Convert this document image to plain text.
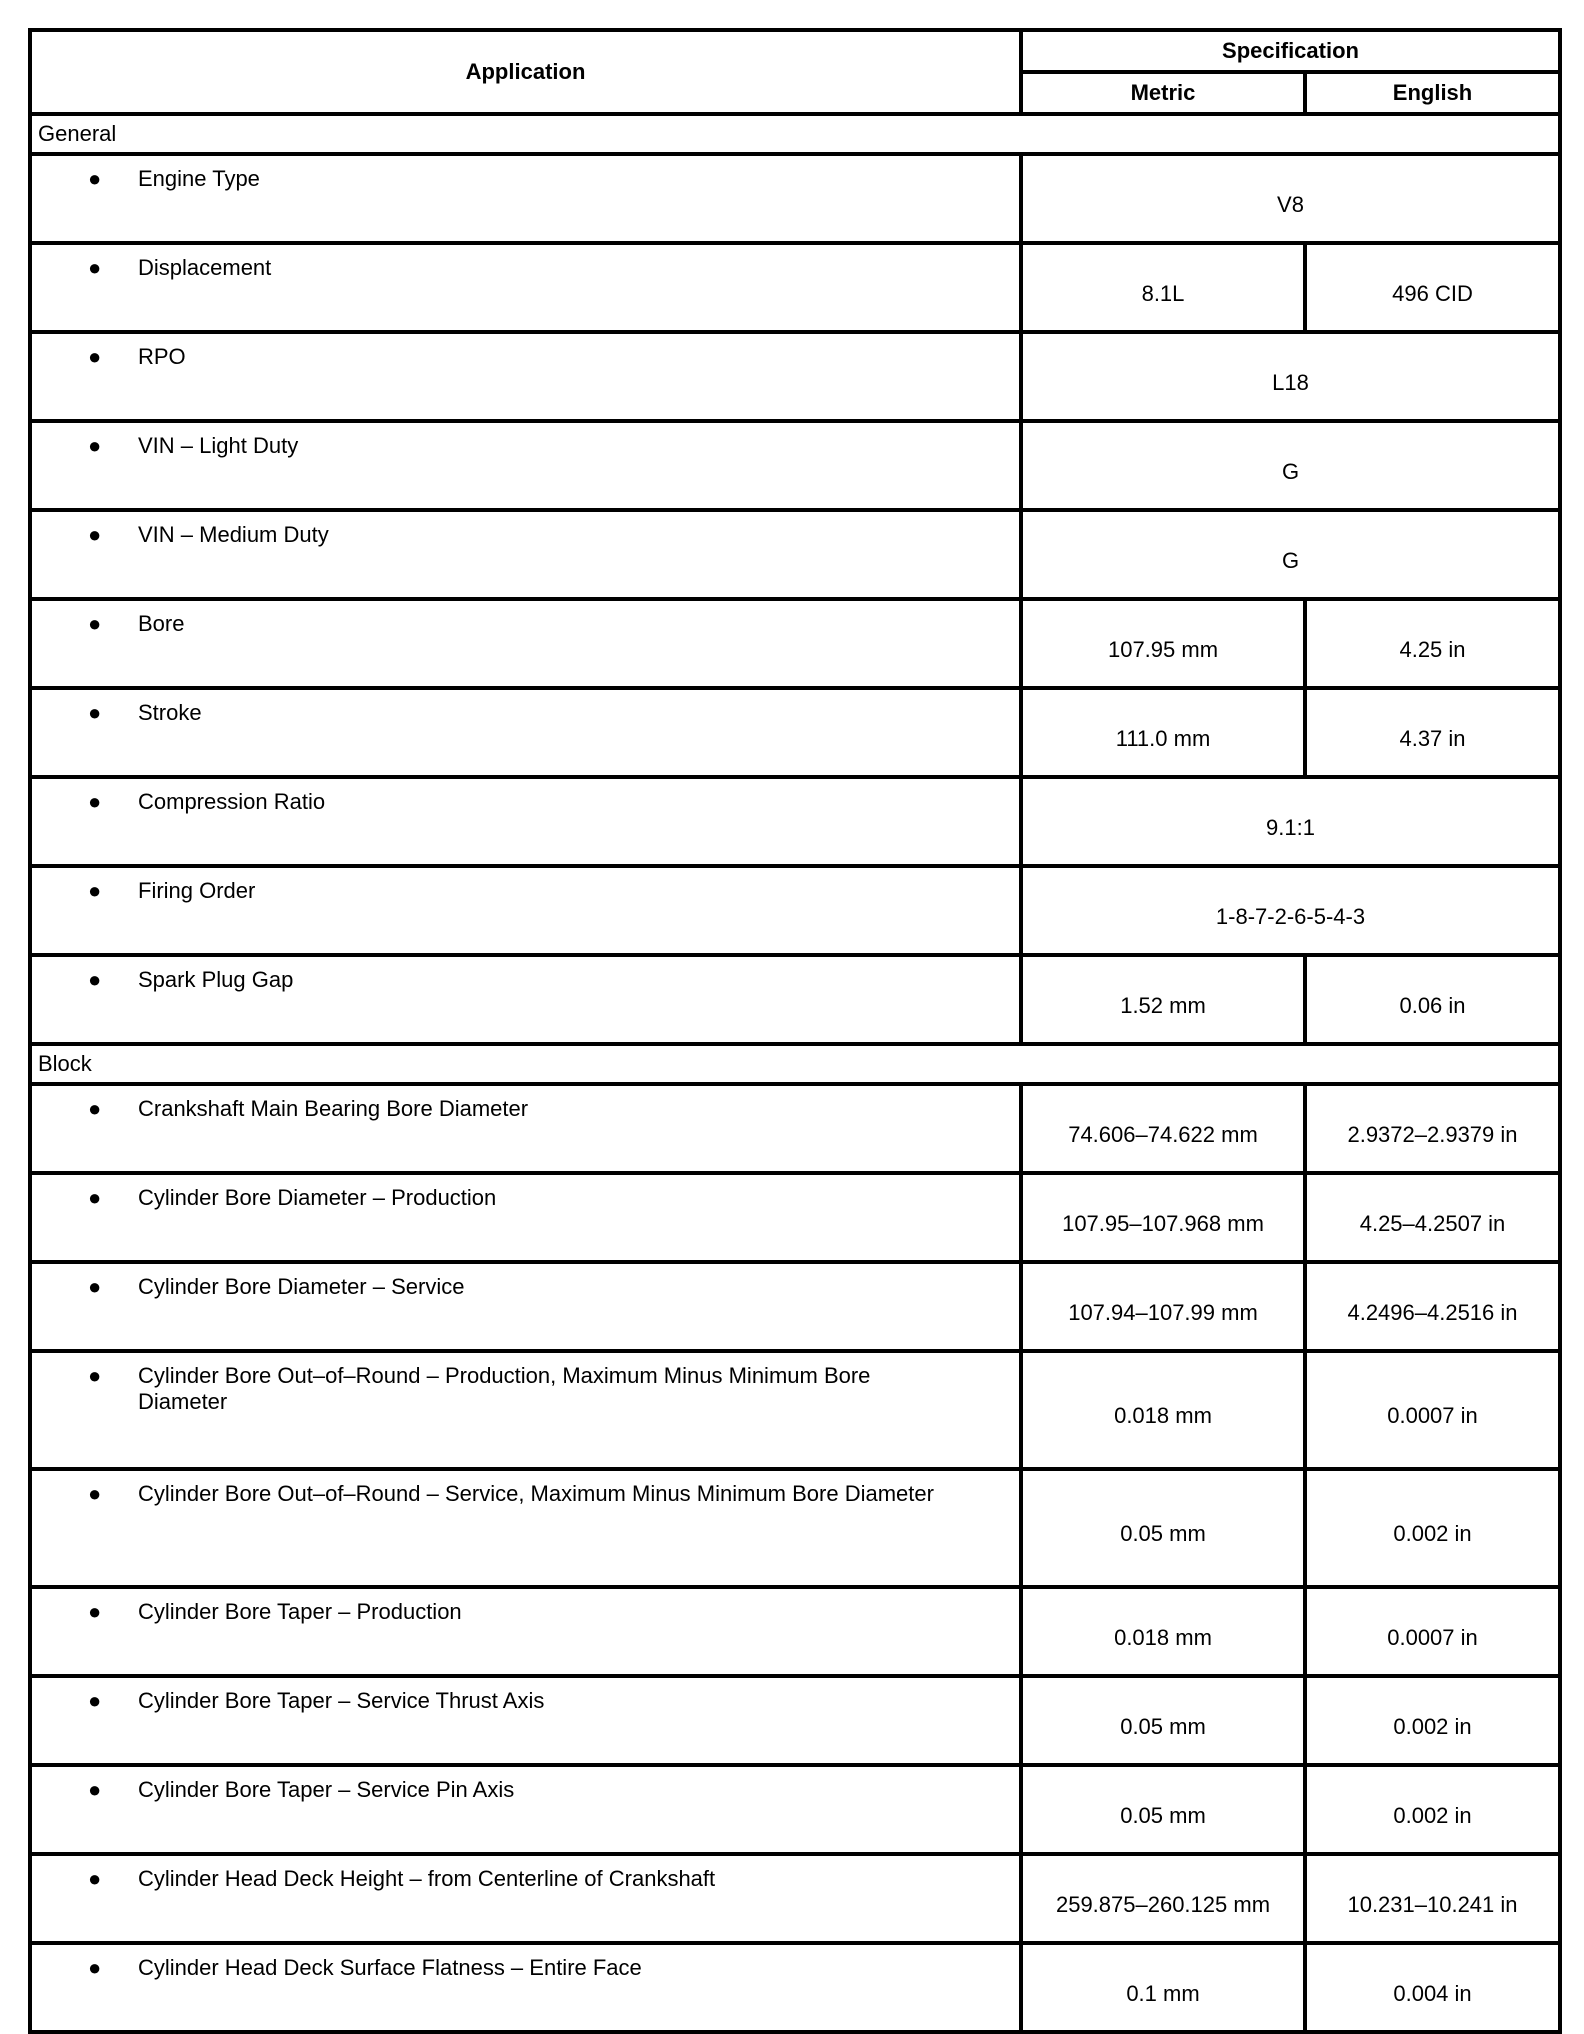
Application	Specification	
	Metric	English
General		
● Engine Type	V8	
● Displacement	8.1L	496 CID
● RPO	L18	
● VIN – Light Duty	G	
● VIN – Medium Duty	G	
● Bore	107.95 mm	4.25 in
● Stroke	111.0 mm	4.37 in
● Compression Ratio	9.1:1	
● Firing Order	1-8-7-2-6-5-4-3	
● Spark Plug Gap	1.52 mm	0.06 in
Block		
● Crankshaft Main Bearing Bore Diameter	74.606–74.622 mm	2.9372–2.9379 in
● Cylinder Bore Diameter – Production	107.95–107.968 mm	4.25–4.2507 in
● Cylinder Bore Diameter – Service	107.94–107.99 mm	4.2496–4.2516 in
● Cylinder Bore Out–of–Round – Production, Maximum Minus Minimum Bore Diameter	0.018 mm	0.0007 in
● Cylinder Bore Out–of–Round – Service, Maximum Minus Minimum Bore Diameter	0.05 mm	0.002 in
● Cylinder Bore Taper – Production	0.018 mm	0.0007 in
● Cylinder Bore Taper – Service Thrust Axis	0.05 mm	0.002 in
● Cylinder Bore Taper – Service Pin Axis	0.05 mm	0.002 in
● Cylinder Head Deck Height – from Centerline of Crankshaft	259.875–260.125 mm	10.231–10.241 in
● Cylinder Head Deck Surface Flatness – Entire Face	0.1 mm	0.004 in
